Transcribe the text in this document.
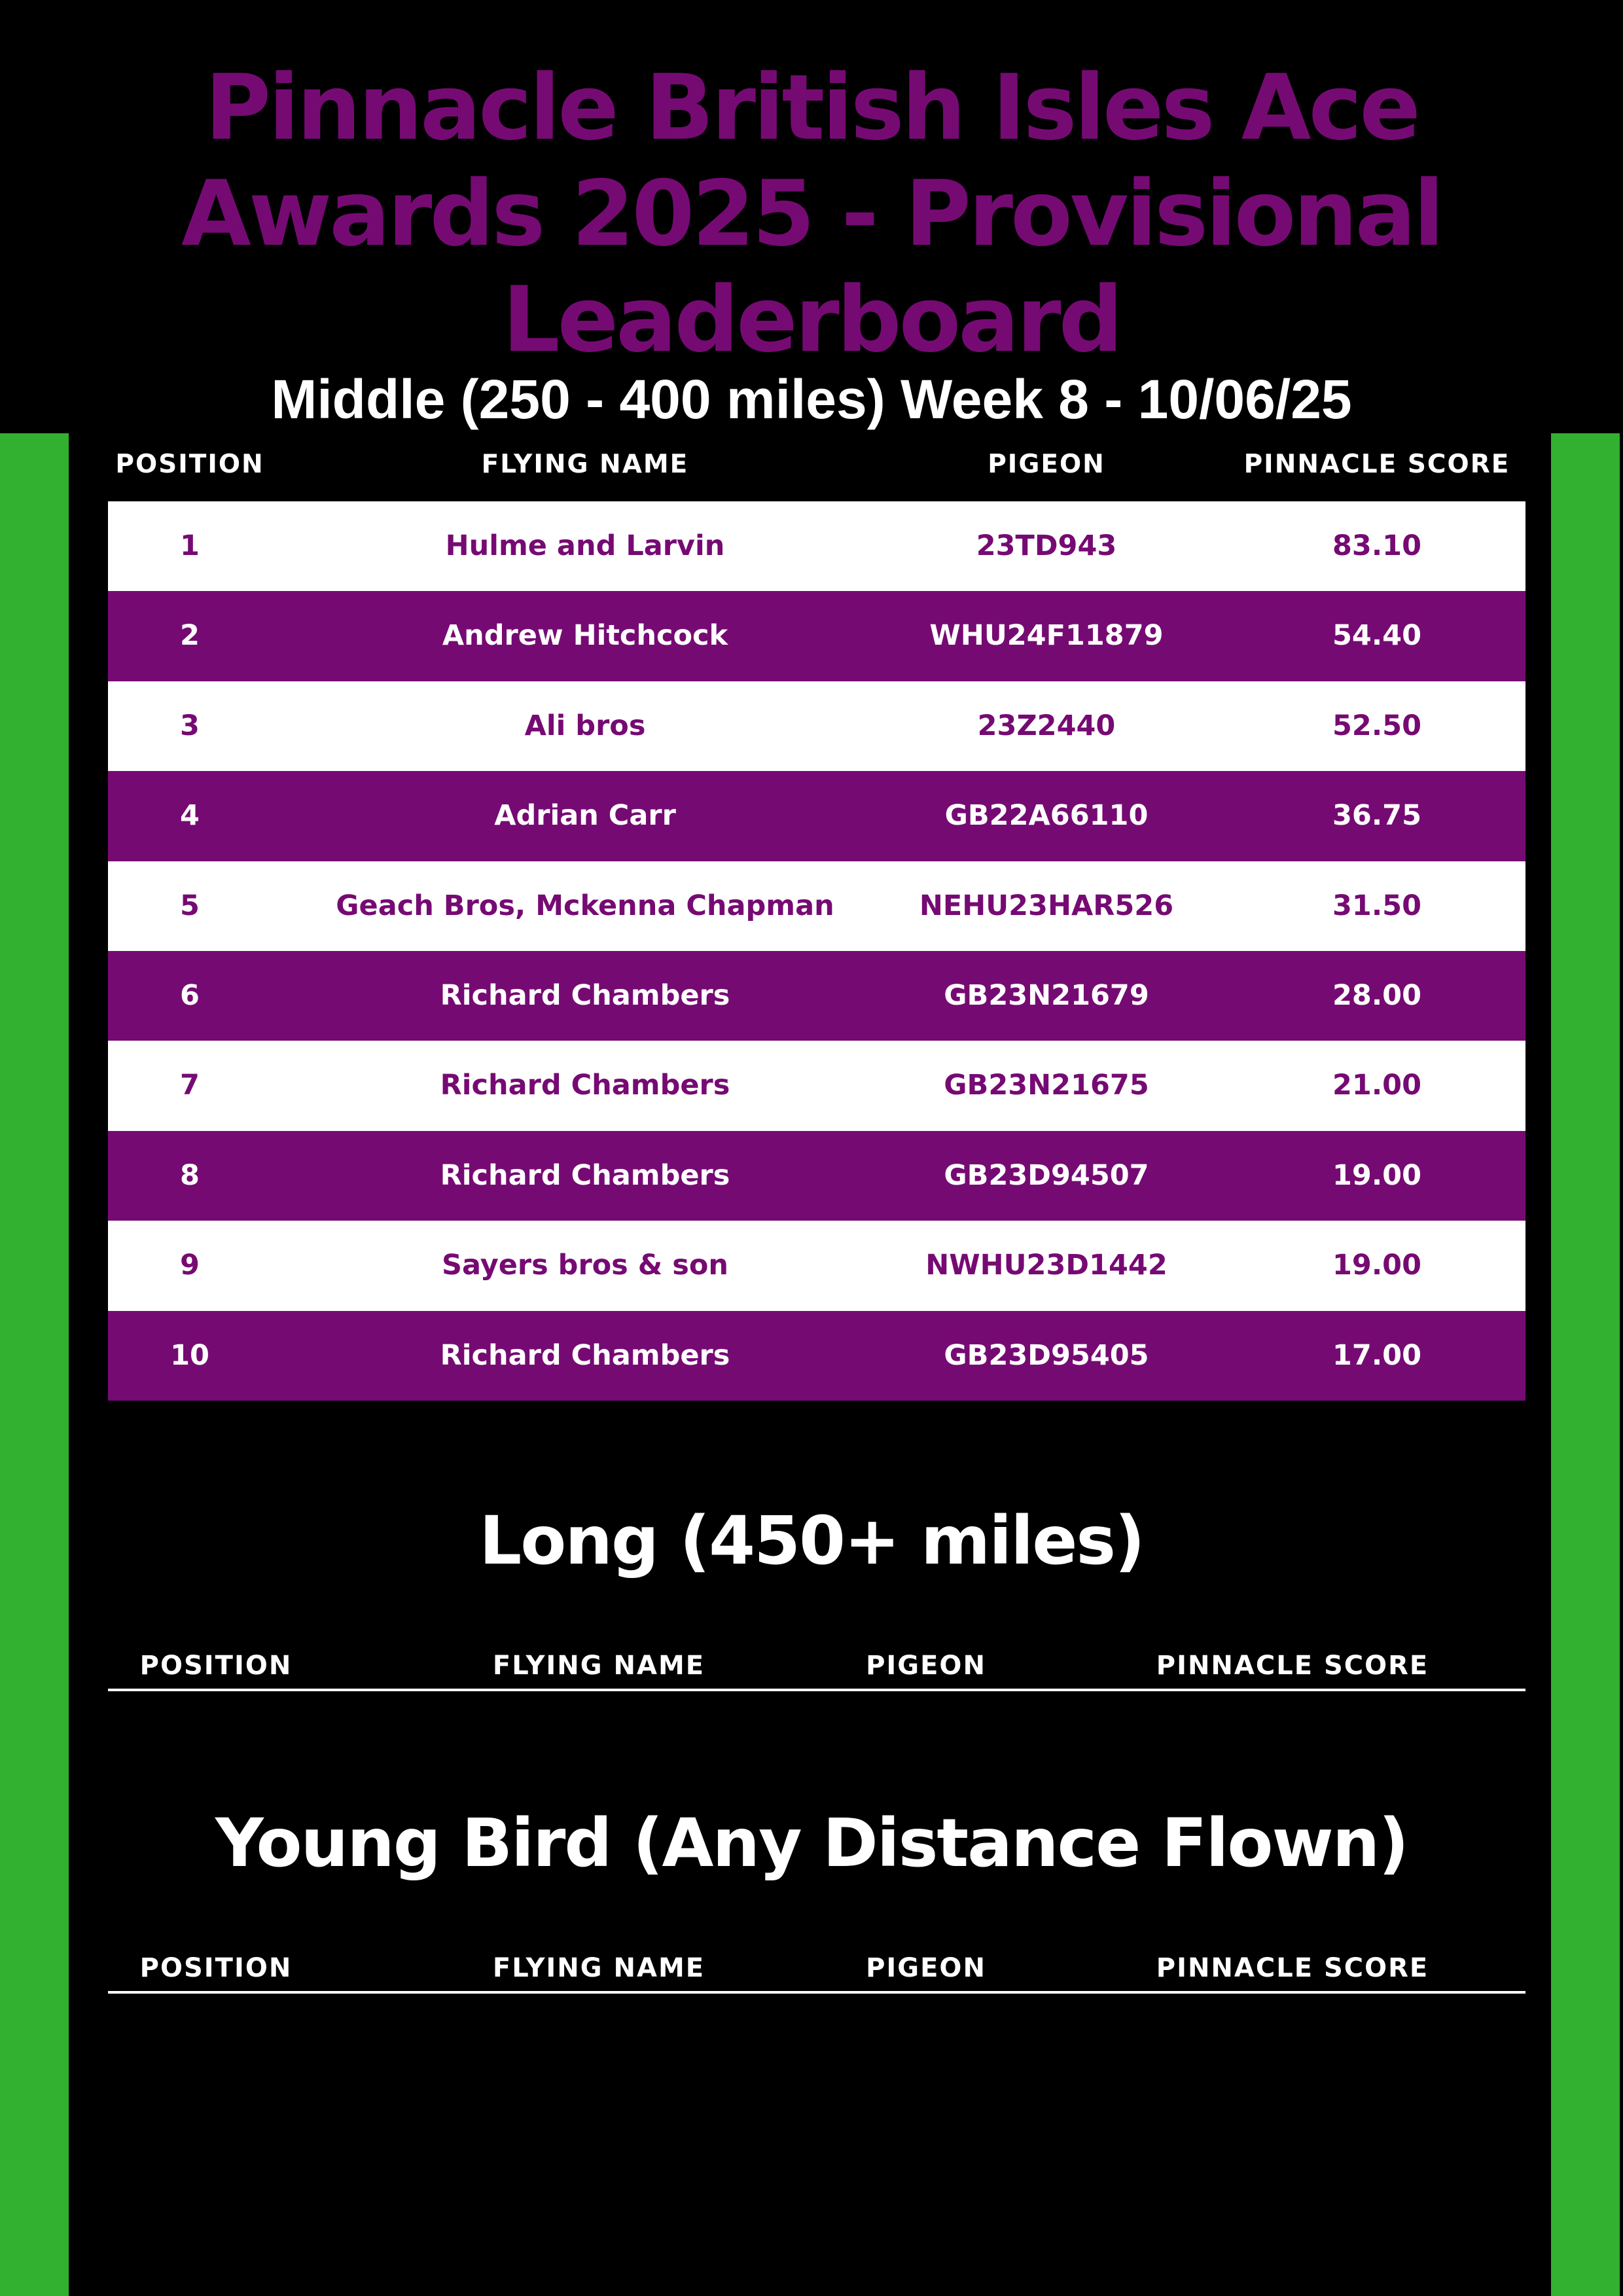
Pinnacle British Isles Ace Awards 2025 - Provisional Leaderboard
Middle (250 - 400 miles) Week 8 - 10/06/25
POSITION	FLYING NAME	PIGEON	PINNACLE SCORE
1	Hulme and Larvin	23TD943	83.10
2	Andrew Hitchcock	WHU24F11879	54.40
3	Ali bros	23Z2440	52.50
4	Adrian Carr	GB22A66110	36.75
5	Geach Bros, Mckenna Chapman	NEHU23HAR526	31.50
6	Richard Chambers	GB23N21679	28.00
7	Richard Chambers	GB23N21675	21.00
8	Richard Chambers	GB23D94507	19.00
9	Sayers bros & son	NWHU23D1442	19.00
10	Richard Chambers	GB23D95405	17.00
Long (450+ miles)
POSITION	FLYING NAME	PIGEON	PINNACLE SCORE
Young Bird (Any Distance Flown)
POSITION	FLYING NAME	PIGEON	PINNACLE SCORE
